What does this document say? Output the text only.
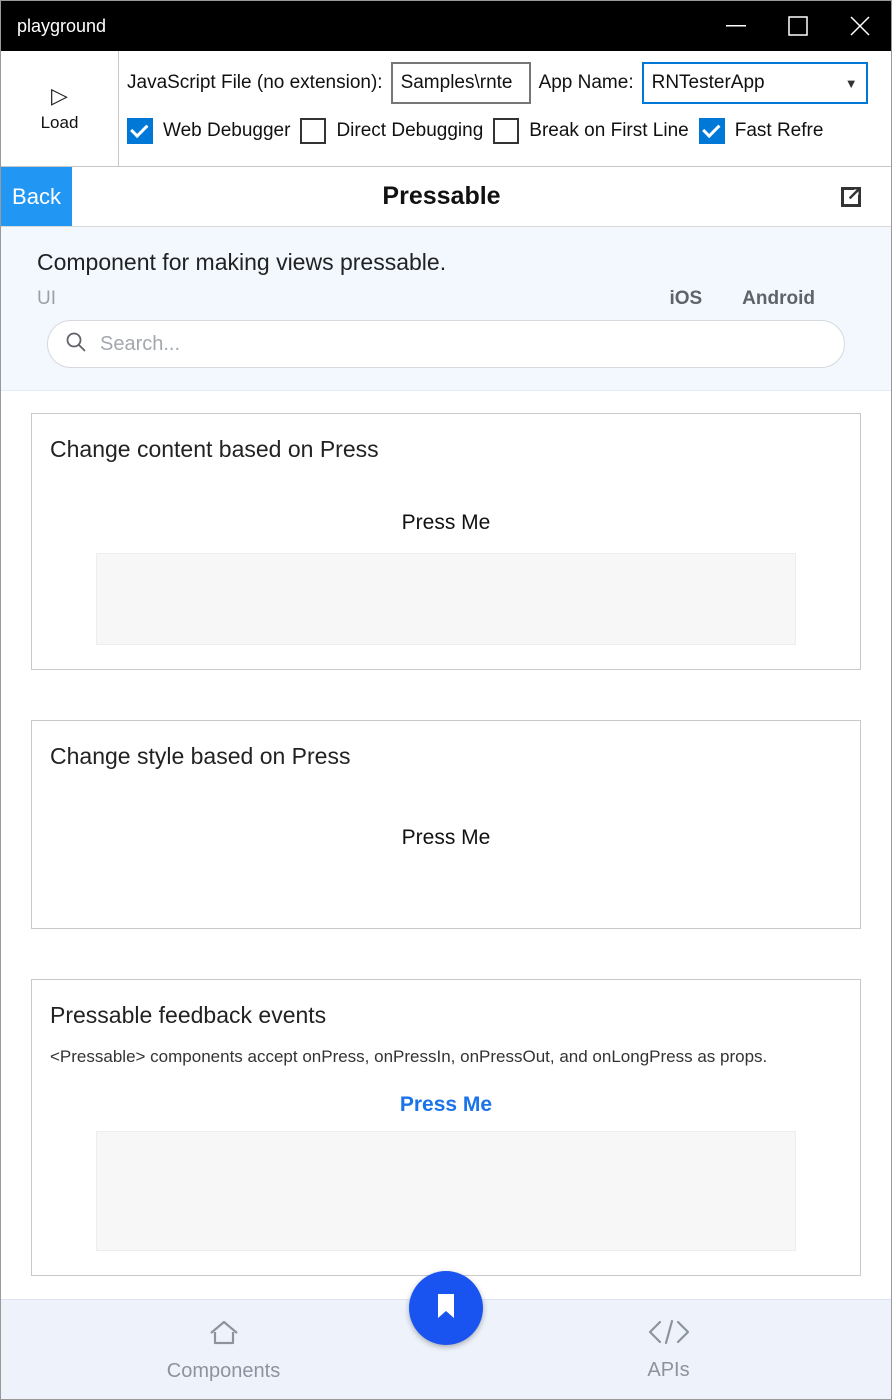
playground
▷
Load
JavaScript File (no extension): Samples\rnte	App Name: RNTesterApp	▼
Web Debugger Direct Debugging Break on First Line Fast Refre
Back	Pressable
Component for making views pressable.
UI	iOS Android
Search...
Change content based on Press
Press Me
Change style based on Press
Press Me
Pressable feedback events
<Pressable> components accept onPress, onPressIn, onPressOut, and onLongPress as props.
Press Me
Components	APIs
